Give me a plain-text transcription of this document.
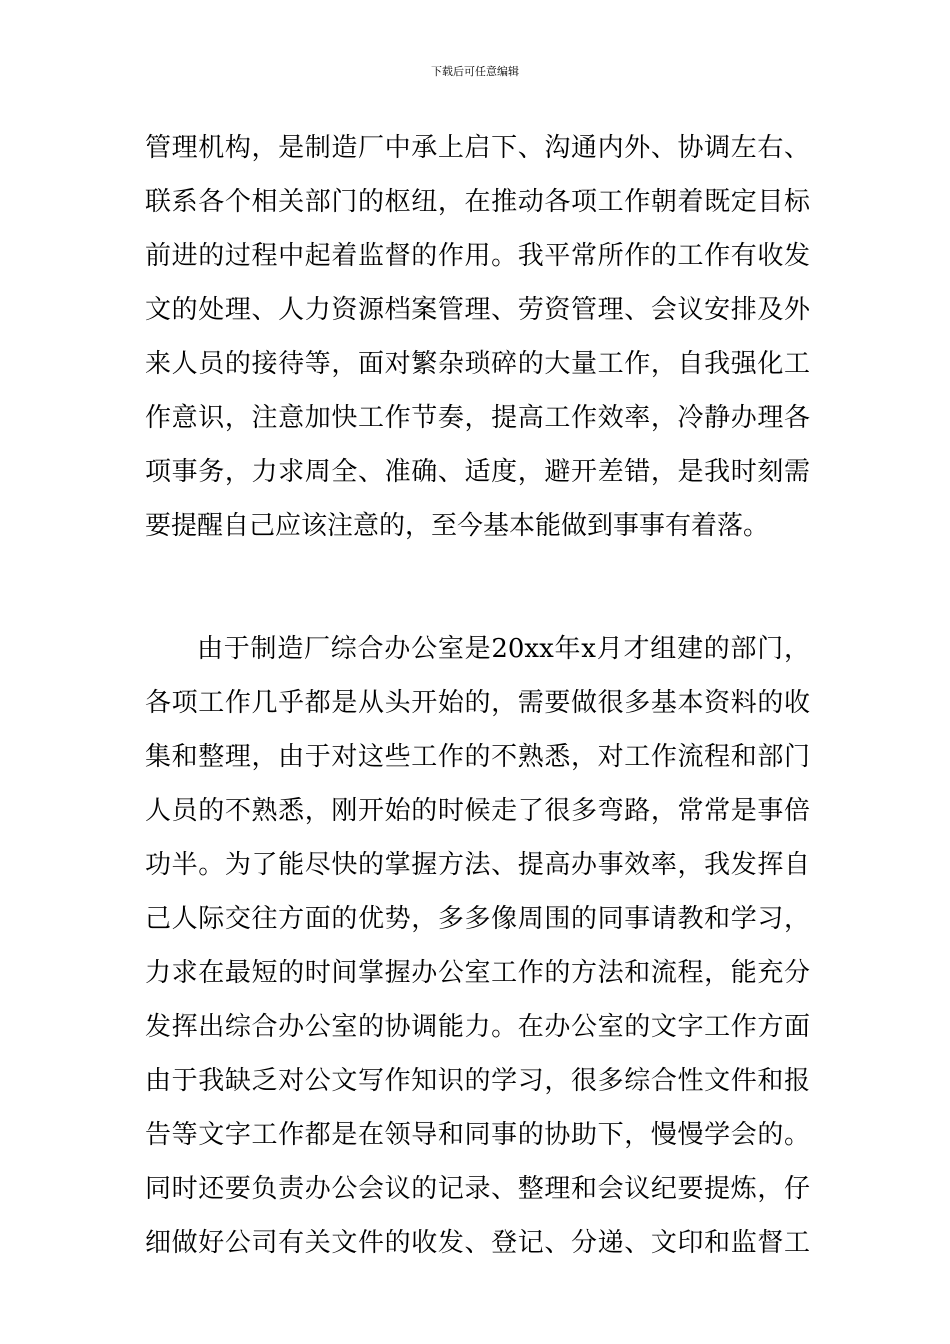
下载后可任意编辑
管理机构，是制造厂中承上启下、沟通内外、协调左右、
联系各个相关部门的枢纽，在推动各项工作朝着既定目标
前进的过程中起着监督的作用。我平常所作的工作有收发
文的处理、人力资源档案管理、劳资管理、会议安排及外
来人员的接待等，面对繁杂琐碎的大量工作，自我强化工
作意识，注意加快工作节奏，提高工作效率，冷静办理各
项事务，力求周全、准确、适度，避开差错，是我时刻需
要提醒自己应该注意的，至今基本能做到事事有着落。
由于制造厂综合办公室是20xx年x月才组建的部门，
各项工作几乎都是从头开始的，需要做很多基本资料的收
集和整理，由于对这些工作的不熟悉，对工作流程和部门
人员的不熟悉，刚开始的时候走了很多弯路，常常是事倍
功半。为了能尽快的掌握方法、提高办事效率，我发挥自
己人际交往方面的优势，多多像周围的同事请教和学习，
力求在最短的时间掌握办公室工作的方法和流程，能充分
发挥出综合办公室的协调能力。在办公室的文字工作方面
由于我缺乏对公文写作知识的学习，很多综合性文件和报
告等文字工作都是在领导和同事的协助下，慢慢学会的。
同时还要负责办公会议的记录、整理和会议纪要提炼，仔
细做好公司有关文件的收发、登记、分递、文印和监督工
